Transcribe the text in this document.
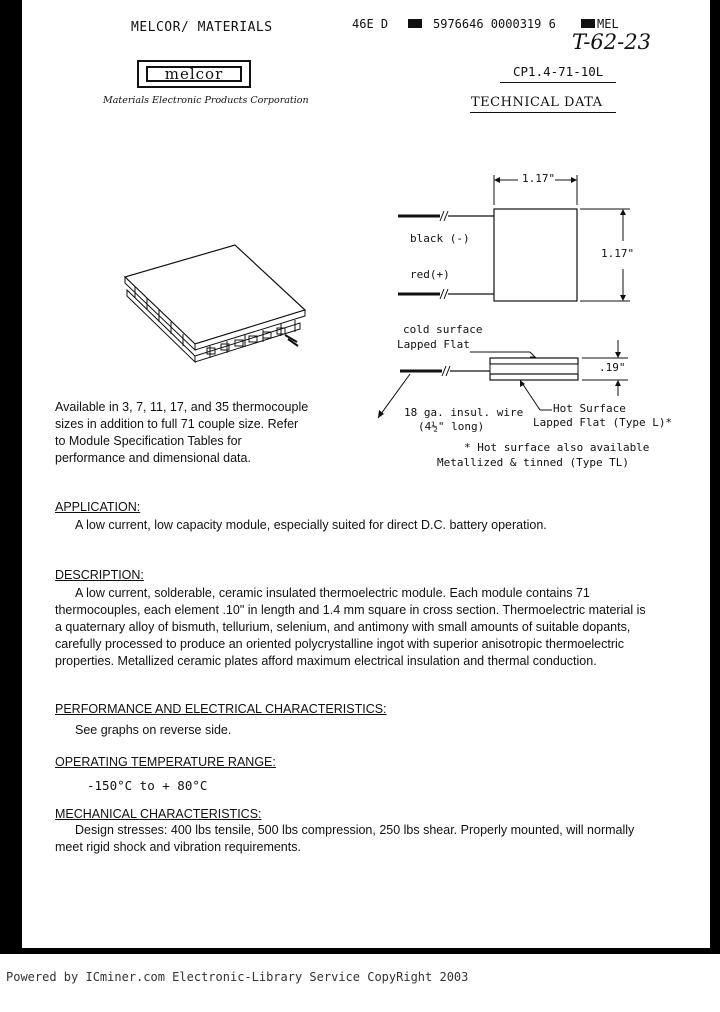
MELCOR/ MATERIALS	46E D	5976646 0000319 6	MEL
T-62-23
melcor
Materials Electronic Products Corporation
CP1.4-71-10L
TECHNICAL DATA
1.17"
1.17"
black (-)
red(+)
cold surface
Lapped Flat
.19"
18 ga. insul. wire
(4½" long)
Hot Surface
Lapped Flat (Type L)*
* Hot surface also available
Metallized & tinned (Type TL)
Available in 3, 7, 11, 17, and 35 thermocouple sizes in addition to full 71 couple size. Refer to Module Specification Tables for performance and dimensional data.
APPLICATION:
A low current, low capacity module, especially suited for direct D.C. battery operation.
DESCRIPTION:
A low current, solderable, ceramic insulated thermoelectric module. Each module contains 71 thermocouples, each element .10" in length and 1.4 mm square in cross section. Thermoelectric material is a quaternary alloy of bismuth, tellurium, selenium, and antimony with small amounts of suitable dopants, carefully processed to produce an oriented polycrystalline ingot with superior anisotropic thermoelectric properties. Metallized ceramic plates afford maximum electrical insulation and thermal conduction.
PERFORMANCE AND ELECTRICAL CHARACTERISTICS:
See graphs on reverse side.
OPERATING TEMPERATURE RANGE:
-150°C to + 80°C
MECHANICAL CHARACTERISTICS:
Design stresses: 400 lbs tensile, 500 lbs compression, 250 lbs shear. Properly mounted, will normally meet rigid shock and vibration requirements.
Powered by ICminer.com Electronic-Library Service CopyRight 2003
